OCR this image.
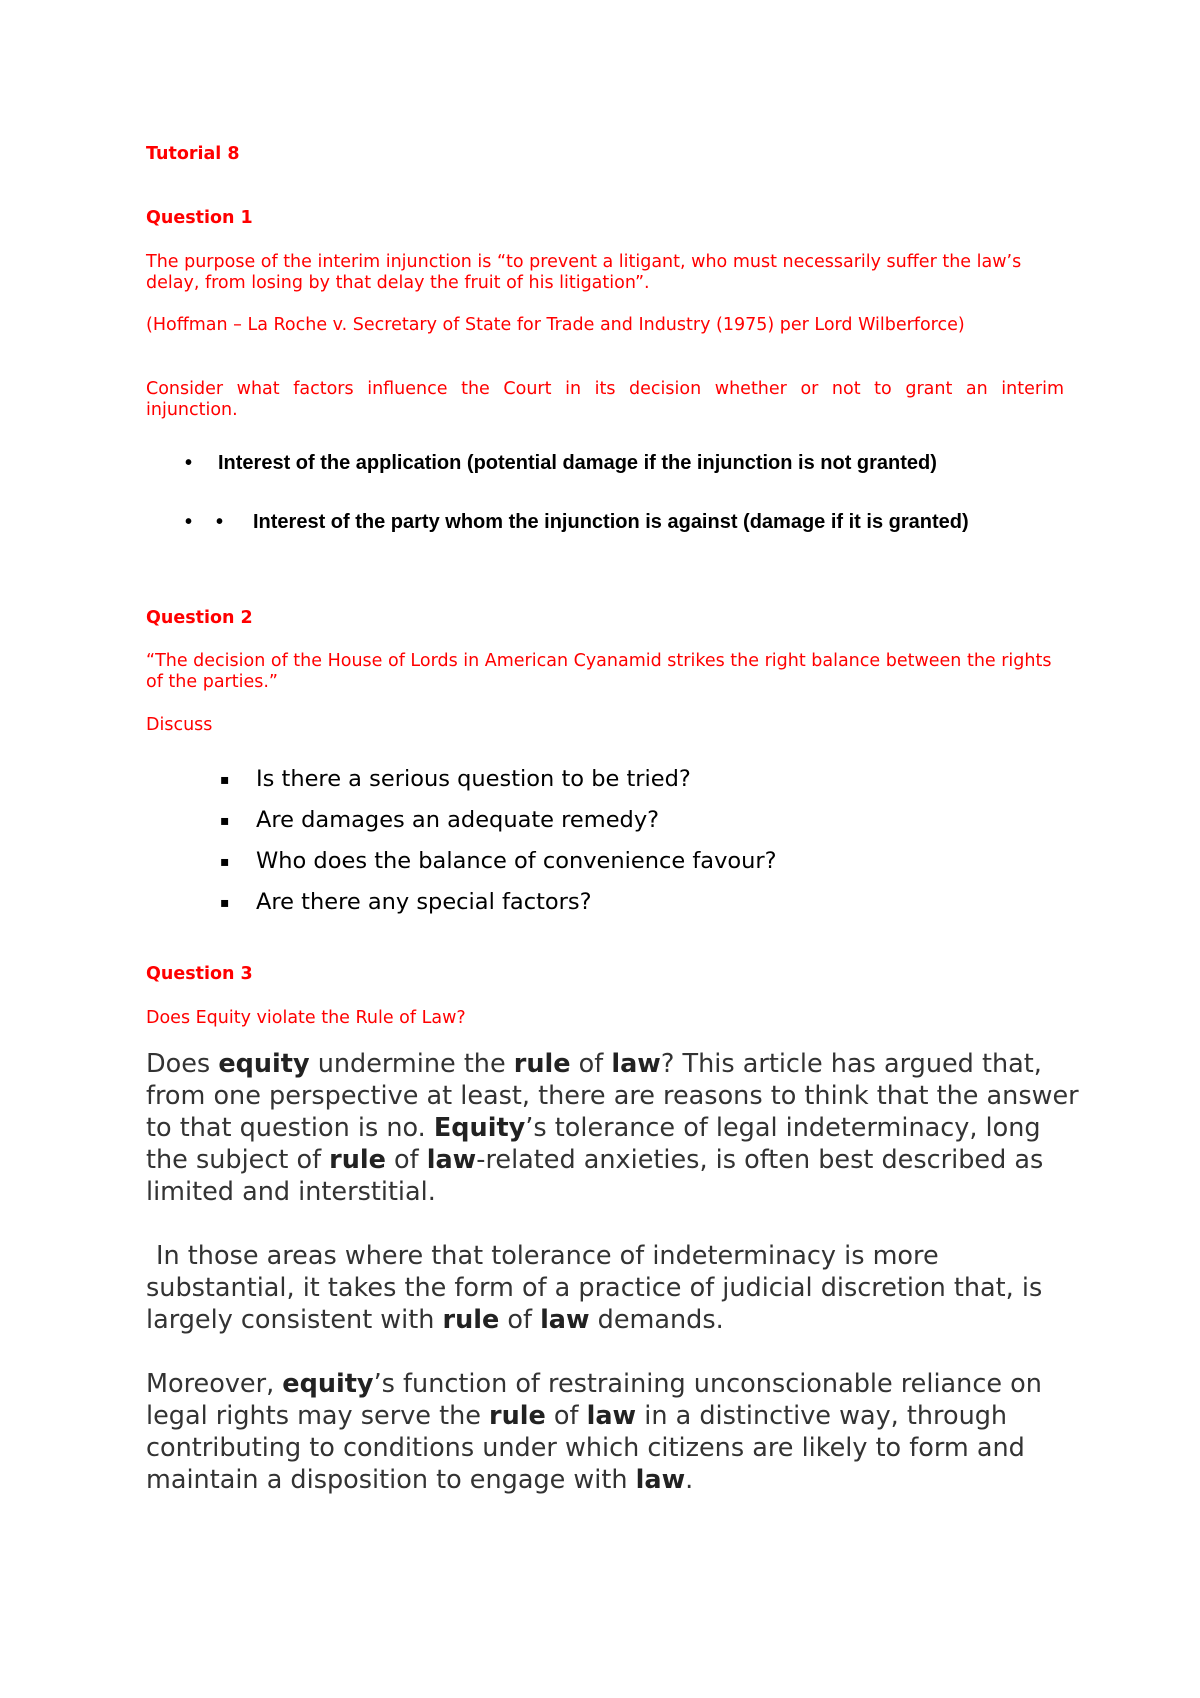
Tutorial 8
Question 1
The purpose of the interim injunction is “to prevent a litigant, who must necessarily suffer the law’s delay, from losing by that delay the fruit of his litigation”.
(Hoffman – La Roche v. Secretary of State for Trade and Industry (1975) per Lord Wilberforce)
Consider what factors influence the Court in its decision whether or not to grant an interim
injunction.
• Interest of the application (potential damage if the injunction is not granted)
• • Interest of the party whom the injunction is against (damage if it is granted)
Question 2
“The decision of the House of Lords in American Cyanamid strikes the right balance between the rights of the parties.”
Discuss
▪ Is there a serious question to be tried?
▪ Are damages an adequate remedy?
▪ Who does the balance of convenience favour?
▪ Are there any special factors?
Question 3
Does Equity violate the Rule of Law?
Does equity undermine the rule of law? This article has argued that, from one perspective at least, there are reasons to think that the answer to that question is no. Equity’s tolerance of legal indeterminacy, long the subject of rule of law-related anxieties, is often best described as limited and interstitial.
In those areas where that tolerance of indeterminacy is more substantial, it takes the form of a practice of judicial discretion that, is largely consistent with rule of law demands.
Moreover, equity’s function of restraining unconscionable reliance on legal rights may serve the rule of law in a distinctive way, through contributing to conditions under which citizens are likely to form and maintain a disposition to engage with law.
